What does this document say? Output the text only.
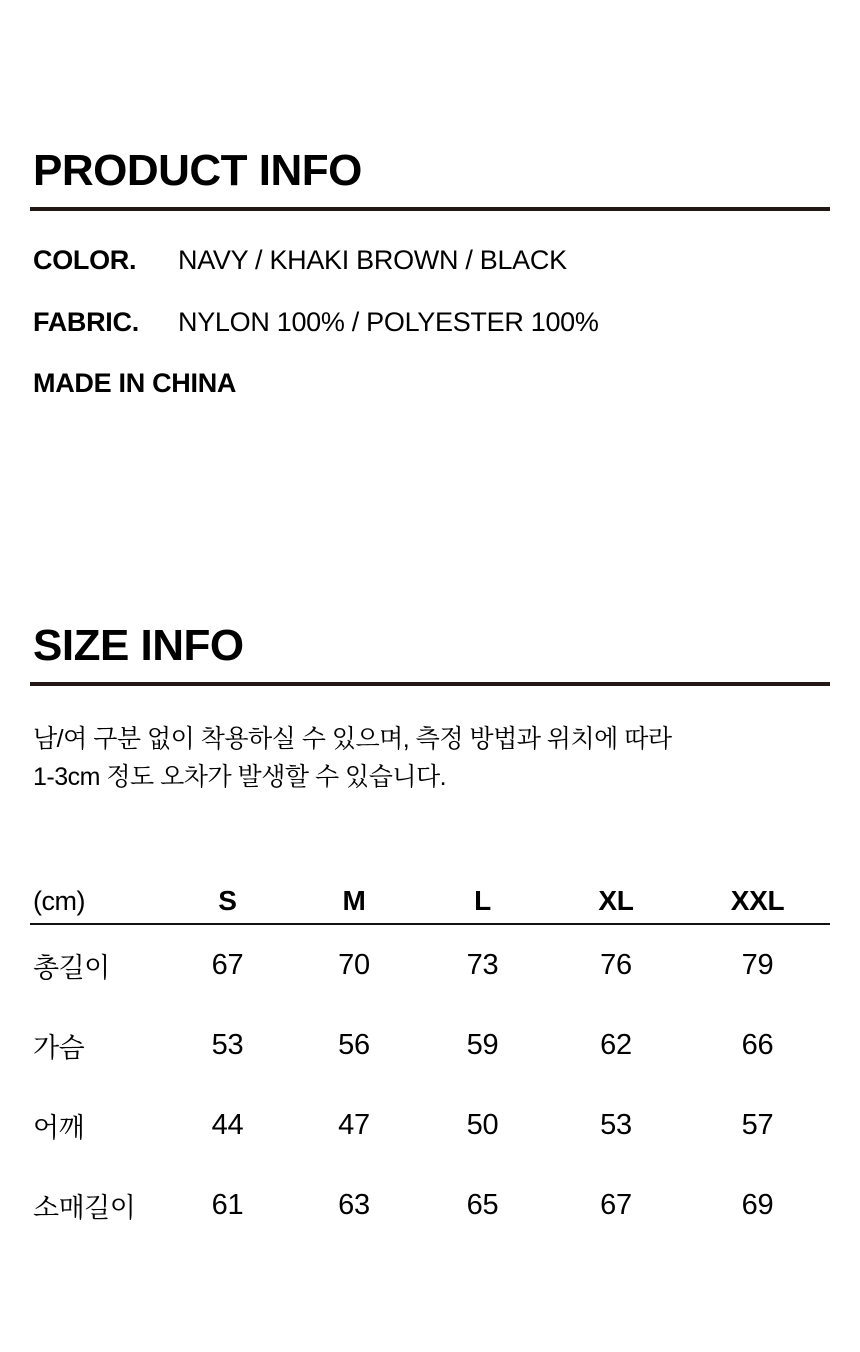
PRODUCT INFO
COLOR.	NAVY / KHAKI BROWN / BLACK
FABRIC.	NYLON 100% / POLYESTER 100%
MADE IN CHINA
SIZE INFO
남/여 구분 없이 착용하실 수 있으며, 측정 방법과 위치에 따라
1-3cm 정도 오차가 발생할 수 있습니다.
(cm)	S	M	L	XL	XXL
총길이	67	70	73	76	79
가슴	53	56	59	62	66
어깨	44	47	50	53	57
소매길이	61	63	65	67	69
